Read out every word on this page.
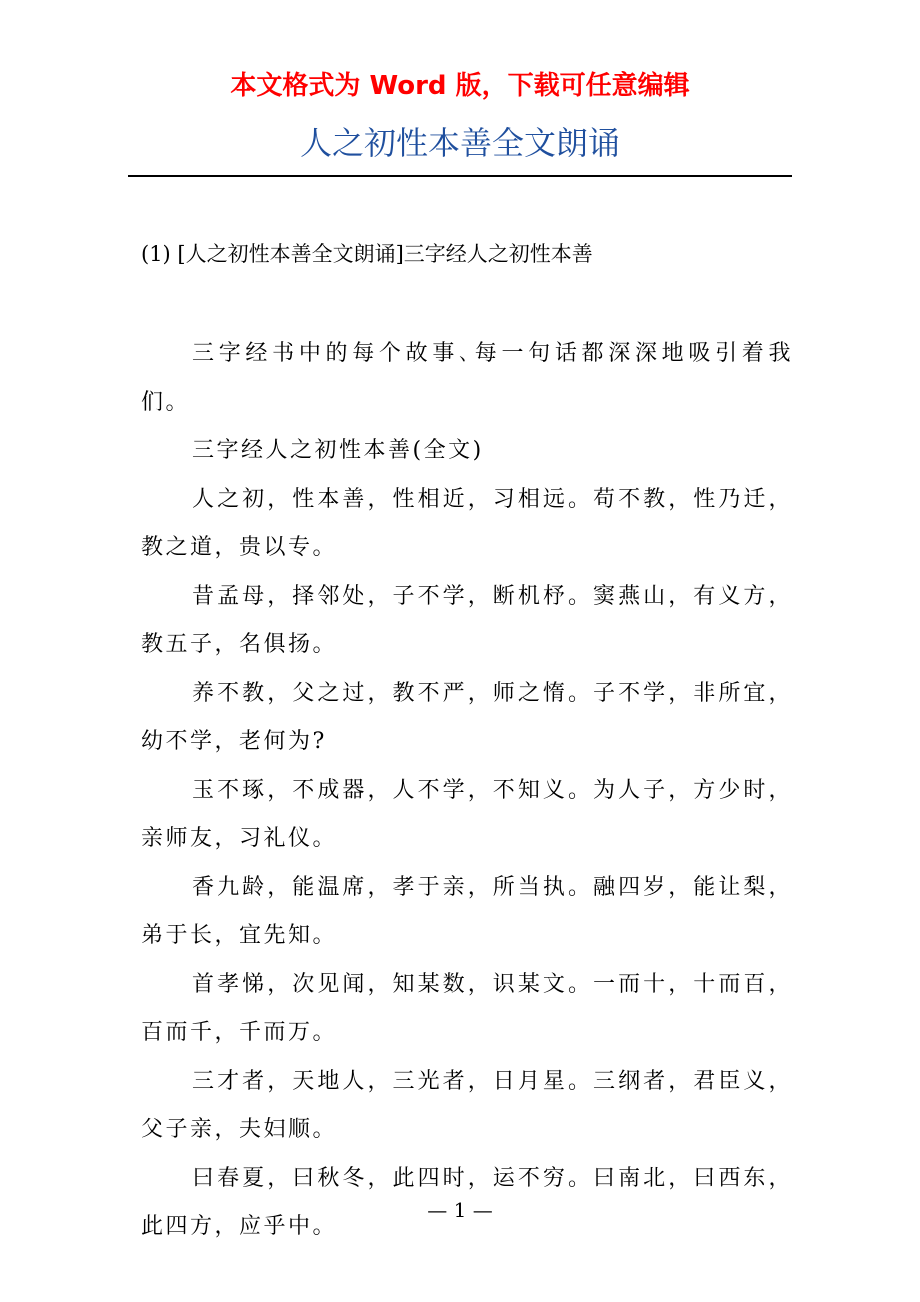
本文格式为 Word 版，下载可任意编辑
人之初性本善全文朗诵
(1) [人之初性本善全文朗诵]三字经人之初性本善

三字经书中的每个故事､每一句话都深深地吸引着我们。

三字经人之初性本善(全文)

人之初，性本善，性相近，习相远。苟不教，性乃迁，教之道，贵以专。

昔孟母，择邻处，子不学，断机杼。窦燕山，有义方，教五子，名俱扬。

养不教，父之过，教不严，师之惰。子不学，非所宜，幼不学，老何为?

玉不琢，不成器，人不学，不知义。为人子，方少时，亲师友，习礼仪。

香九龄，能温席，孝于亲，所当执。融四岁，能让梨，弟于长，宜先知。

首孝悌，次见闻，知某数，识某文。一而十，十而百，百而千，千而万。

三才者，天地人，三光者，日月星。三纲者，君臣义，父子亲，夫妇顺。

曰春夏，曰秋冬，此四时，运不穷。曰南北，曰西东，此四方，应乎中。

— 1 —
